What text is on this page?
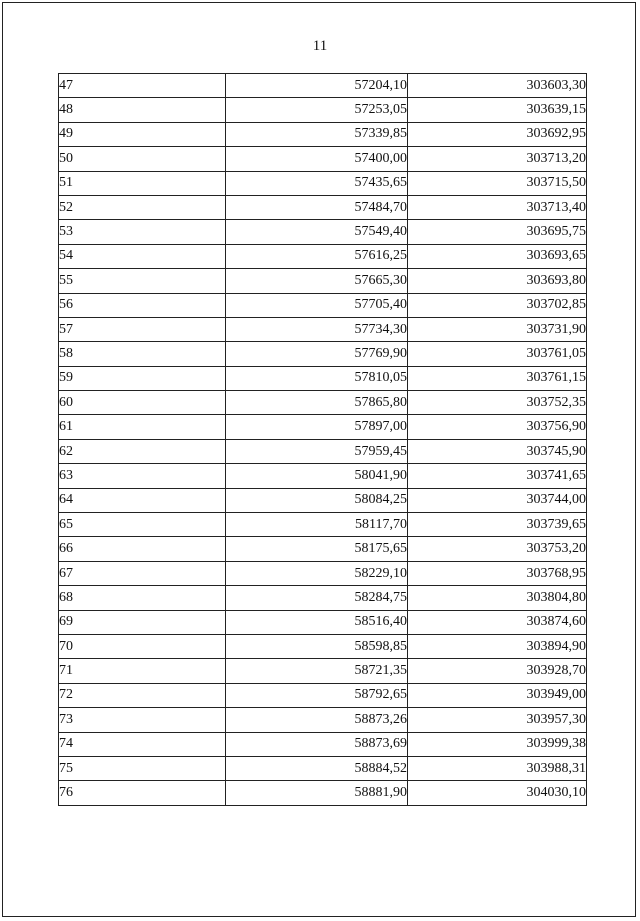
11
47	57204,10	303603,30
48	57253,05	303639,15
49	57339,85	303692,95
50	57400,00	303713,20
51	57435,65	303715,50
52	57484,70	303713,40
53	57549,40	303695,75
54	57616,25	303693,65
55	57665,30	303693,80
56	57705,40	303702,85
57	57734,30	303731,90
58	57769,90	303761,05
59	57810,05	303761,15
60	57865,80	303752,35
61	57897,00	303756,90
62	57959,45	303745,90
63	58041,90	303741,65
64	58084,25	303744,00
65	58117,70	303739,65
66	58175,65	303753,20
67	58229,10	303768,95
68	58284,75	303804,80
69	58516,40	303874,60
70	58598,85	303894,90
71	58721,35	303928,70
72	58792,65	303949,00
73	58873,26	303957,30
74	58873,69	303999,38
75	58884,52	303988,31
76	58881,90	304030,10
